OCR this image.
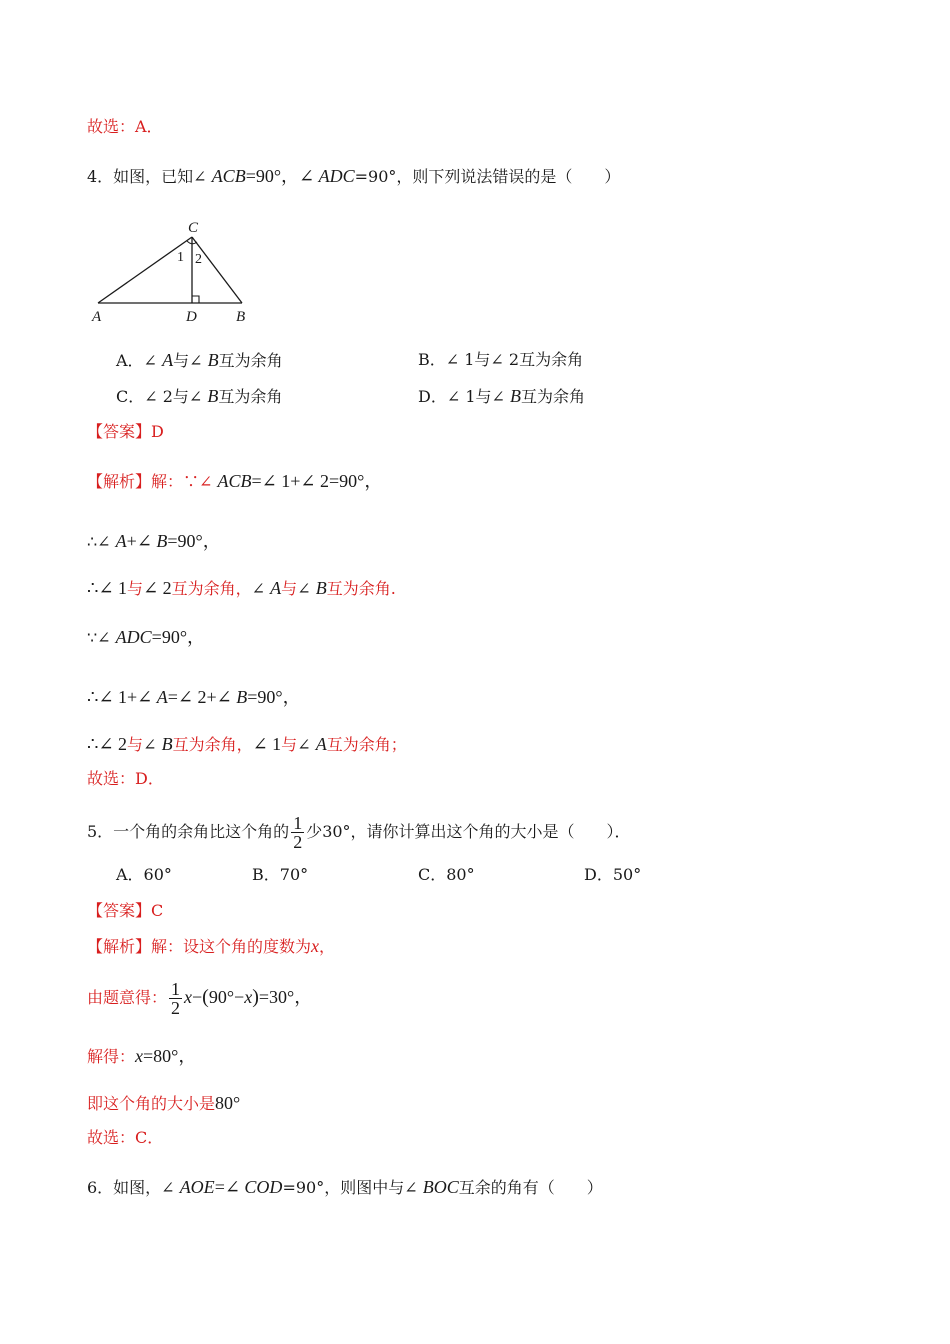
故选：A．
4．如图，已知∠ ACB=90°，∠ ADC=90°，则下列说法错误的是（　　）
C
1 2
A	D	B
A．∠ A与∠ B互为余角	B．∠ 1与∠ 2互为余角
C．∠ 2与∠ B互为余角	D．∠ 1与∠ B互为余角
【答案】D
【解析】解：∵∠ ACB=∠ 1+∠ 2=90°，
∴∠ A+∠ B=90°，
∴∠ 1与∠ 2互为余角，∠ A与∠ B互为余角.
∵∠ ADC=90°，
∴∠ 1+∠ A=∠ 2+∠ B=90°，
∴∠ 2与∠ B互为余角，∠ 1与∠ A互为余角；
故选：D．
5．一个角的余角比这个角的 $\frac{1}{2}$ 少30°，请你计算出这个角的大小是（　　）．
A．60°	B．70°	C．80°	D．50°
【答案】C
【解析】解：设这个角的度数为x，
由题意得： $\frac{1}{2} x-(90^\circ-x)=30^\circ$，
解得：x=80°，
即这个角的大小是80°
故选：C．
6．如图，∠ AOE=∠ COD=90°，则图中与∠ BOC互余的角有（　　）
